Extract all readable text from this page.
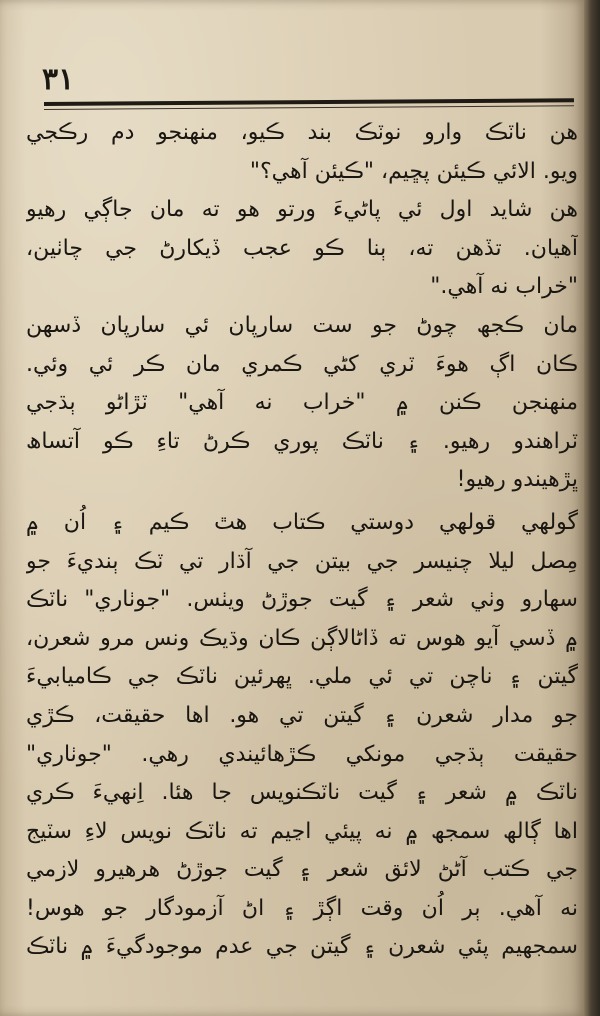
٣١
ھن ناٽڪ وارو نوٽڪ بند ڪيو، منھنجو دم رڪجي
ويو. الائي ڪيئن پڇيم، "ڪيئن آھي؟"
ھن شايد اول ئي پاڻيءَ ورتو ھو ته مان جاڳي رھيو
آھيان. تڏھن ته، ٻنا ڪو عجب ڏيکارڻ جي چاٺين،
"خراب نه آھي."
مان ڪجھ چوڻ جو ست سارپان ئي سارپان ڏسھن
ڪان اڳ ھوءَ ٽري کڻي ڪمري مان ڪر ئي وئي.
منھنجن ڪنن ۾ "خراب نه آھي" ٽڙاڻو ٻڌجي
ٽراھندو رھيو. ۽ ناٽڪ پوري ڪرڻ تاءِ ڪو آتساھ
ڀڙھيندو رھيو!
گولھي قولھي دوستي ڪتاب ھٿ ڪيم ۽ اُن ۾
مِصل ليلا چنيسر جي بيتن جي آڌار تي ٽڪ ٻنديءَ جو
سھارو وٺي شعر ۽ گيت جوڙڻ ويٺس. "جوٺاري" ناٽڪ
۾ ڏسي آيو ھوس ته ڏاڻالاڳن ڪان وڌيڪ ونس مرو شعرن،
گيتن ۽ ناچن تي ئي ملي. ڀھرئين ناٽڪ جي ڪاميابيءَ
جو مدار شعرن ۽ گيتن تي ھو. اھا حقيقت، ڪڙي
حقيقت ٻڌجي مونکي ڪڙھائيندي رھي. "جوٺاري"
ناٽڪ ۾ شعر ۽ گيت ناٽڪنويس جا ھئا. اِنھيءَ ڪري
اھا ڳالھ سمجھ ۾ نه پيئي اڃيم ته ناٽڪ نويس لاءِ سٽيج
جي ڪتب آڻڻ لائق شعر ۽ گيت جوڙڻ ھرھيرو لازمي
نه آھي. ٻر اُن وقت اڳڙ ۽ اڻ آزمودگار جو ھوس!
سمجھيم پئي شعرن ۽ گيتن جي عدم موجودگيءَ ۾ ناٽڪ
